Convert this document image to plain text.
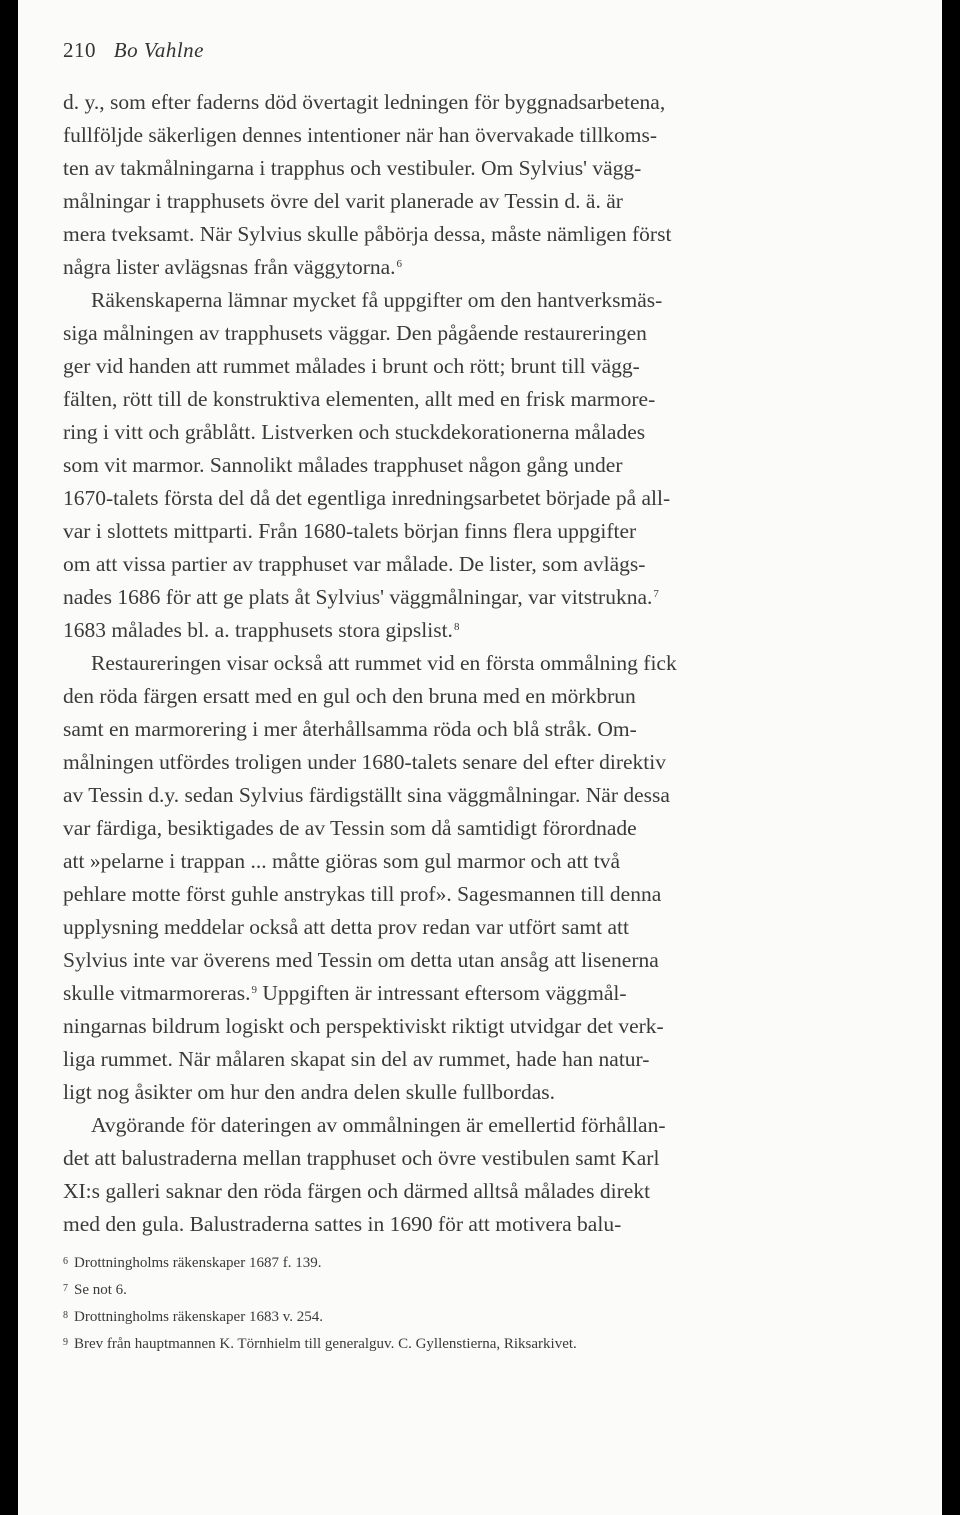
210 Bo Vahlne
d. y., som efter faderns död övertagit ledningen för byggnadsarbetena,
fullföljde säkerligen dennes intentioner när han övervakade tillkoms-
ten av takmålningarna i trapphus och vestibuler. Om Sylvius' vägg-
målningar i trapphusets övre del varit planerade av Tessin d. ä. är
mera tveksamt. När Sylvius skulle påbörja dessa, måste nämligen först
några lister avlägsnas från väggytorna.$^6$
Räkenskaperna lämnar mycket få uppgifter om den hantverksmäs-
siga målningen av trapphusets väggar. Den pågående restaureringen
ger vid handen att rummet målades i brunt och rött; brunt till vägg-
fälten, rött till de konstruktiva elementen, allt med en frisk marmore-
ring i vitt och gråblått. Listverken och stuckdekorationerna målades
som vit marmor. Sannolikt målades trapphuset någon gång under
1670-talets första del då det egentliga inredningsarbetet började på all-
var i slottets mittparti. Från 1680-talets början finns flera uppgifter
om att vissa partier av trapphuset var målade. De lister, som avlägs-
nades 1686 för att ge plats åt Sylvius' väggmålningar, var vitstrukna.$^7$
1683 målades bl. a. trapphusets stora gipslist.$^8$
Restaureringen visar också att rummet vid en första ommålning fick
den röda färgen ersatt med en gul och den bruna med en mörkbrun
samt en marmorering i mer återhållsamma röda och blå stråk. Om-
målningen utfördes troligen under 1680-talets senare del efter direktiv
av Tessin d.y. sedan Sylvius färdigställt sina väggmålningar. När dessa
var färdiga, besiktigades de av Tessin som då samtidigt förordnade
att »pelarne i trappan ... måtte giöras som gul marmor och att två
pehlare motte först guhle anstrykas till prof». Sagesmannen till denna
upplysning meddelar också att detta prov redan var utfört samt att
Sylvius inte var överens med Tessin om detta utan ansåg att lisenerna
skulle vitmarmoreras.$^9$ Uppgiften är intressant eftersom väggmål-
ningarnas bildrum logiskt och perspektiviskt riktigt utvidgar det verk-
liga rummet. När målaren skapat sin del av rummet, hade han natur-
ligt nog åsikter om hur den andra delen skulle fullbordas.
Avgörande för dateringen av ommålningen är emellertid förhållan-
det att balustraderna mellan trapphuset och övre vestibulen samt Karl
XI:s galleri saknar den röda färgen och därmed alltså målades direkt
med den gula. Balustraderna sattes in 1690 för att motivera balu-
$^6$ Drottningholms räkenskaper 1687 f. 139.
$^7$ Se not 6.
$^8$ Drottningholms räkenskaper 1683 v. 254.
$^9$ Brev från hauptmannen K. Törnhielm till generalguv. C. Gyllenstierna, Riksarkivet.
